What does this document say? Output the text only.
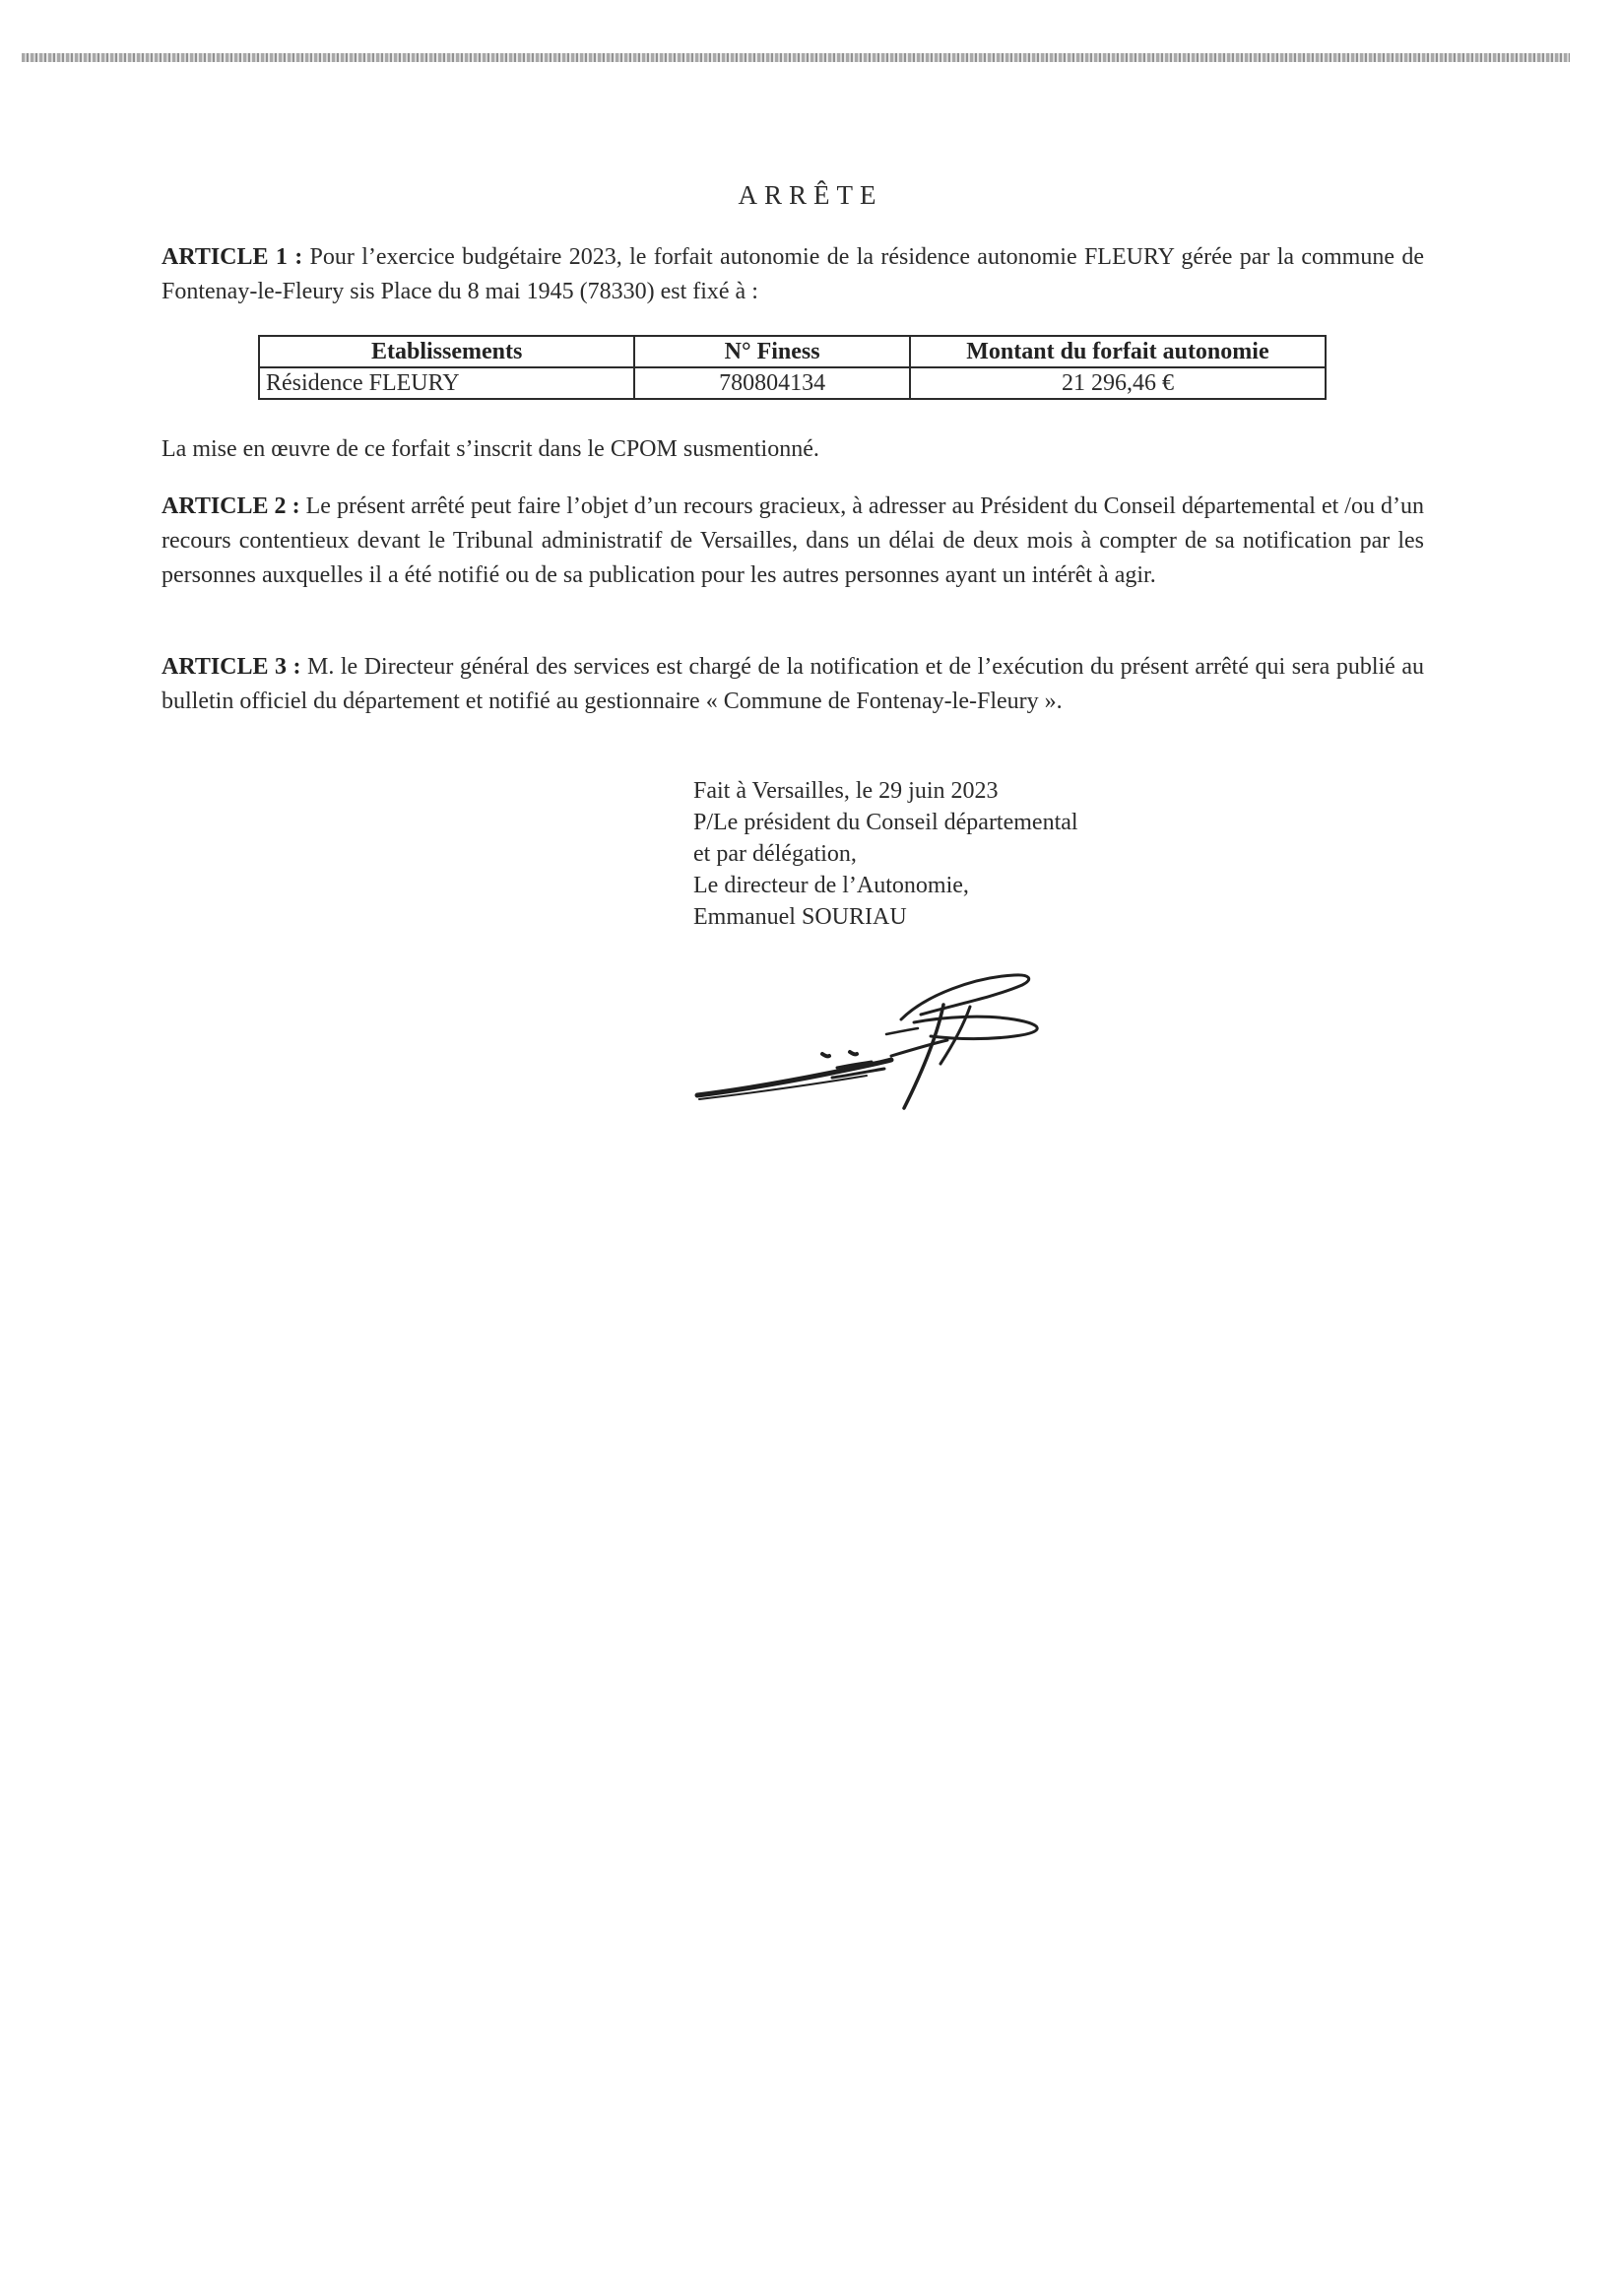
ARRÊTE

ARTICLE 1 : Pour l’exercice budgétaire 2023, le forfait autonomie de la résidence autonomie FLEURY gérée par la commune de Fontenay-le-Fleury sis Place du 8 mai 1945 (78330) est fixé à :

Etablissements	N° Finess	Montant du forfait autonomie
Résidence FLEURY	780804134	21 296,46 €

La mise en œuvre de ce forfait s’inscrit dans le CPOM susmentionné.

ARTICLE 2 : Le présent arrêté peut faire l’objet d’un recours gracieux, à adresser au Président du Conseil départemental et /ou d’un recours contentieux devant le Tribunal administratif de Versailles, dans un délai de deux mois à compter de sa notification par les personnes auxquelles il a été notifié ou de sa publication pour les autres personnes ayant un intérêt à agir.

ARTICLE 3 : M. le Directeur général des services est chargé de la notification et de l’exécution du présent arrêté qui sera publié au bulletin officiel du département et notifié au gestionnaire « Commune de Fontenay-le-Fleury ».

Fait à Versailles, le 29 juin 2023
P/Le président du Conseil départemental
et par délégation,
Le directeur de l’Autonomie,
Emmanuel SOURIAU
